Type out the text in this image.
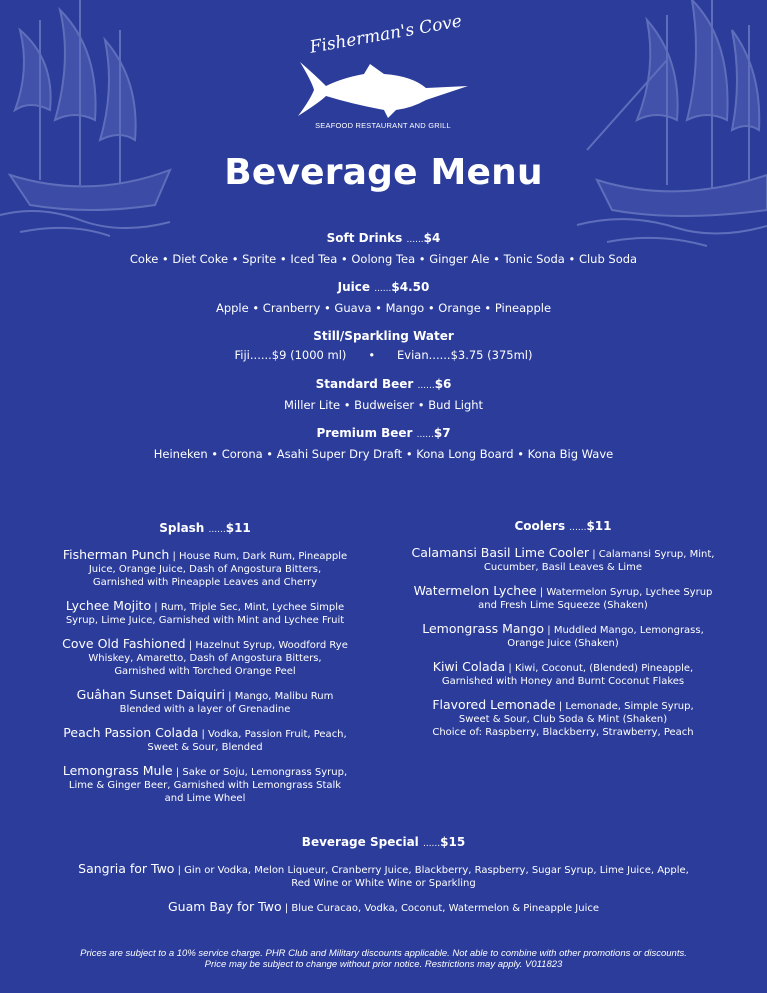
Fisherman's Cove
SEAFOOD RESTAURANT AND GRILL
Beverage Menu
Soft Drinks ......$4
Coke • Diet Coke • Sprite • Iced Tea • Oolong Tea • Ginger Ale • Tonic Soda • Club Soda
Juice ......$4.50
Apple • Cranberry • Guava • Mango • Orange • Pineapple
Still/Sparkling Water
Fiji......$9 (1000 ml)      •      Evian......$3.75 (375ml)
Standard Beer ......$6
Miller Lite • Budweiser • Bud Light
Premium Beer ......$7
Heineken • Corona • Asahi Super Dry Draft • Kona Long Board • Kona Big Wave
Splash ......$11
Fisherman Punch | House Rum, Dark Rum, Pineapple
Juice, Orange Juice, Dash of Angostura Bitters,
Garnished with Pineapple Leaves and Cherry
Lychee Mojito | Rum, Triple Sec, Mint, Lychee Simple
Syrup, Lime Juice, Garnished with Mint and Lychee Fruit
Cove Old Fashioned | Hazelnut Syrup, Woodford Rye
Whiskey, Amaretto, Dash of Angostura Bitters,
Garnished with Torched Orange Peel
Guâhan Sunset Daiquiri | Mango, Malibu Rum
Blended with a layer of Grenadine
Peach Passion Colada | Vodka, Passion Fruit, Peach,
Sweet & Sour, Blended
Lemongrass Mule | Sake or Soju, Lemongrass Syrup,
Lime & Ginger Beer, Garnished with Lemongrass Stalk
and Lime Wheel
Coolers ......$11
Calamansi Basil Lime Cooler | Calamansi Syrup, Mint,
Cucumber, Basil Leaves & Lime
Watermelon Lychee | Watermelon Syrup, Lychee Syrup
and Fresh Lime Squeeze (Shaken)
Lemongrass Mango | Muddled Mango, Lemongrass,
Orange Juice (Shaken)
Kiwi Colada | Kiwi, Coconut, (Blended) Pineapple,
Garnished with Honey and Burnt Coconut Flakes
Flavored Lemonade | Lemonade, Simple Syrup,
Sweet & Sour, Club Soda & Mint (Shaken)
Choice of: Raspberry, Blackberry, Strawberry, Peach
Beverage Special ......$15
Sangria for Two | Gin or Vodka, Melon Liqueur, Cranberry Juice, Blackberry, Raspberry, Sugar Syrup, Lime Juice, Apple,
Red Wine or White Wine or Sparkling
Guam Bay for Two | Blue Curacao, Vodka, Coconut, Watermelon & Pineapple Juice
Prices are subject to a 10% service charge. PHR Club and Military discounts applicable. Not able to combine with other promotions or discounts.
Price may be subject to change without prior notice. Restrictions may apply. V011823
